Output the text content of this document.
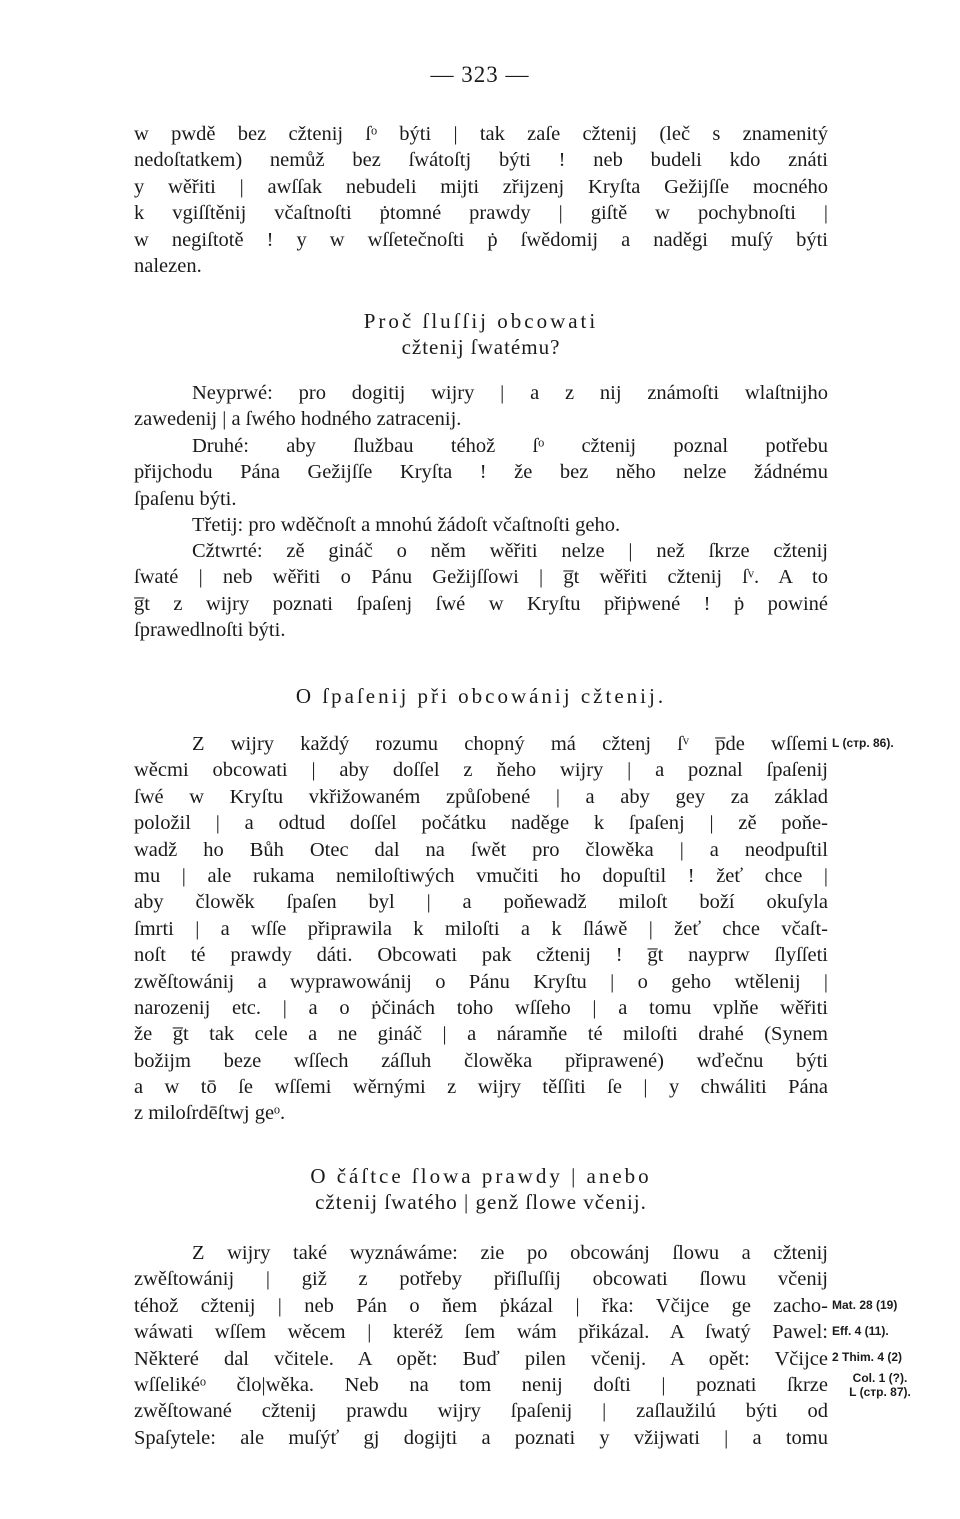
— 323 —
w pwdě bez cžtenij ſᵒ býti | tak zaſe cžtenij (leč s znamenitý
nedoſtatkem) nemůž bez ſwátoſtj býti ! neb budeli kdo znáti
y wěřiti | awſſak nebudeli mijti zřijzenj Kryſta Gežijſſe mocného
k vgiſſtěnij včaſtnoſti ṗtomné prawdy | giſtě w pochybnoſti |
w negiſtotě ! y w wſſetečnoſti ṗ ſwědomij a naděgi muſý býti
nalezen.
Proč ſluſſij obcowati
cžtenij ſwatému?
Neyprwé: pro dogitij wijry | a z nij známoſti wlaſtnijho
zawedenij | a ſwého hodného zatracenij.
Druhé: aby ſlužbau téhož ſᵒ cžtenij poznal potřebu
přijchodu Pána Gežijſſe Kryſta ! že bez něho nelze žádnému
ſpaſenu býti.
Třetij: pro wděčnoſt a mnohú žádoſt včaſtnoſti geho.
Cžtwrté: zě gináč o něm wěřiti nelze | než ſkrze cžtenij
ſwaté | neb wěřiti o Pánu Gežijſſowi | g̅t wěřiti cžtenij ſᵛ. A to
g̅t z wijry poznati ſpaſenj ſwé w Kryſtu přiṗwené ! ṗ powiné
ſprawedlnoſti býti.
O ſpaſenij při obcowánij cžtenij.
Z wijry každý rozumu chopný má cžtenj ſᵛ p̅de wſſemi
wěcmi obcowati | aby doſſel z ňeho wijry | a poznal ſpaſenij
ſwé w Kryſtu vkřižowaném způſobené | a aby gey za základ
položil | a odtud doſſel počátku naděge k ſpaſenj | zě poňe-
wadž ho Bůh Otec dal na ſwět pro člowěka | a neodpuſtil
mu | ale rukama nemiloſtiwých vmučiti ho dopuſtil ! žeť chce |
aby člowěk ſpaſen byl | a poňewadž miloſt boží okuſyla
ſmrti | a wſſe připrawila k miloſti a k ſláwě | žeť chce včaſt-
noſt té prawdy dáti. Obcowati pak cžtenij ! g̅t nayprw ſlyſſeti
zwěſtowánij a wyprawowánij o Pánu Kryſtu | o geho wtělenij |
narozenij etc. | a o ṗčinách toho wſſeho | a tomu vplňe wěřiti
že g̅t tak cele a ne gináč | a náramňe té miloſti drahé (Synem
božijm beze wſſech záſluh člowěka připrawené) wďečnu býti
a w tō ſe wſſemi wěrnými z wijry těſſiti ſe | y chwáliti Pána
z miloſrdēſtwj geᵒ.
O čáſtce ſlowa prawdy | anebo
cžtenij ſwatého | genž ſlowe včenij.
Z wijry také wyznáwáme: zie po obcowánj ſlowu a cžtenij
zwěſtowánij | giž z potřeby přiſluſſij obcowati ſlowu včenij
téhož cžtenij | neb Pán o ňem ṗkázal | řka: Včijce ge zacho-
wáwati wſſem wěcem | kteréž ſem wám přikázal. A ſwatý Pawel:
Některé dal včitele. A opět: Buď pilen včenij. A opět: Včijce
wſſelikéᵒ člo|wěka. Neb na tom nenij doſti | poznati ſkrze
zwěſtowané cžtenij prawdu wijry ſpaſenij | zaſlaužilú býti od
Spaſytele: ale muſýť gj dogijti a poznati y vžijwati | a tomu
L (стр. 86).
Mat. 28 (19)
Eff. 4 (11).
2 Thim. 4 (2)
Col. 1 (?).
L (стр. 87).
